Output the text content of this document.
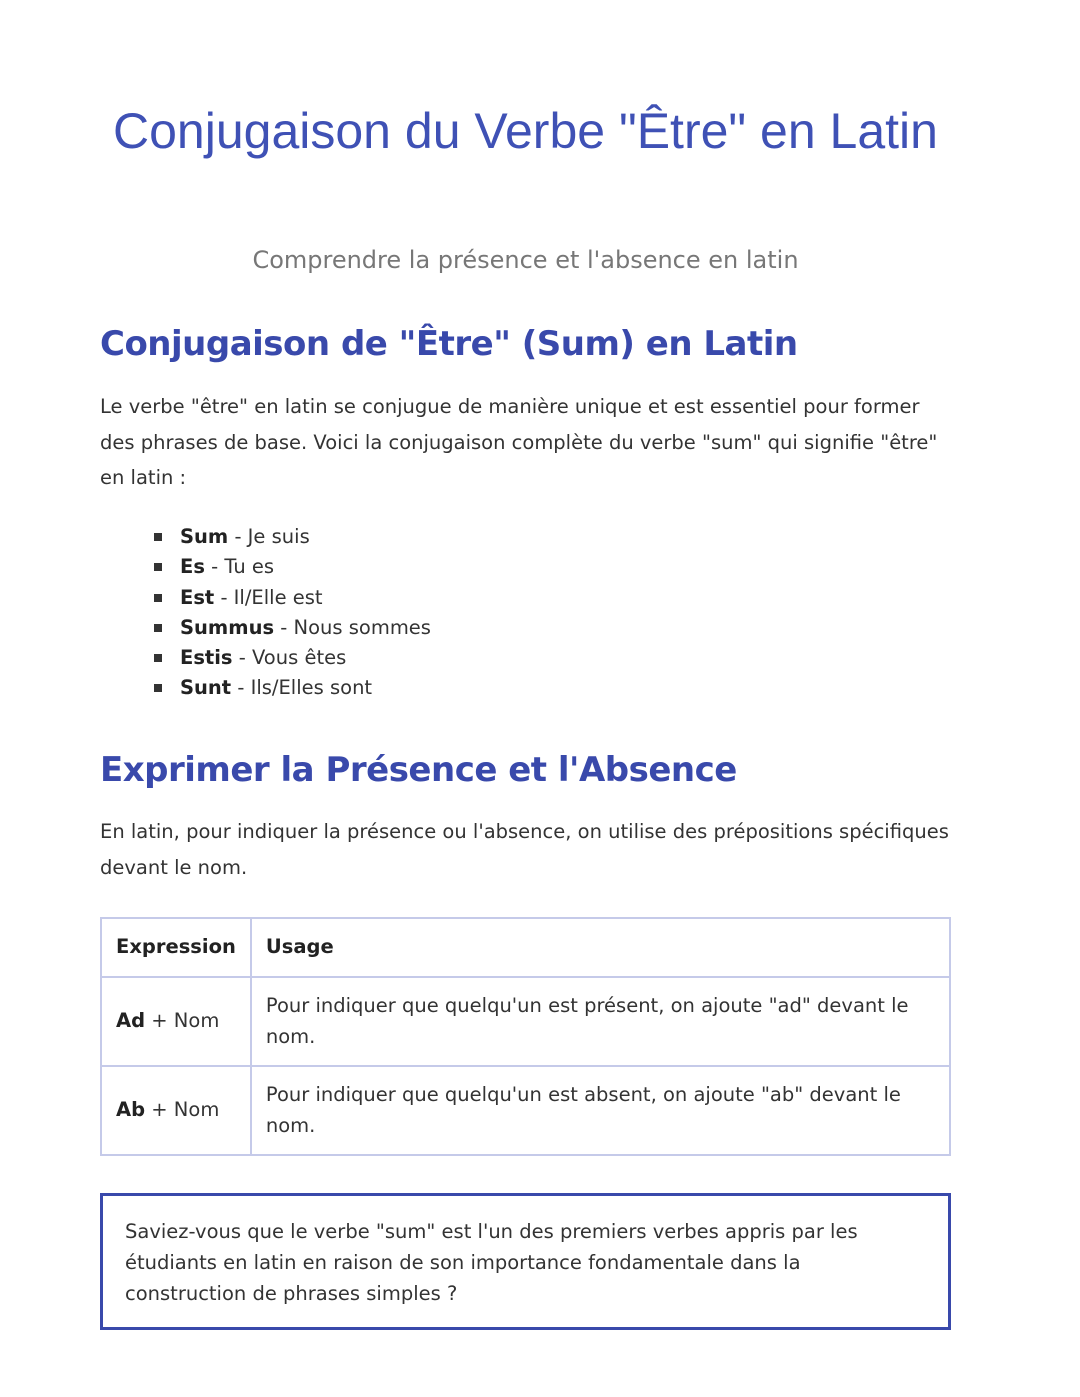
Conjugaison du Verbe "Être" en Latin
Comprendre la présence et l'absence en latin
Conjugaison de "Être" (Sum) en Latin

Le verbe "être" en latin se conjugue de manière unique et est essentiel pour former des phrases de base. Voici la conjugaison complète du verbe "sum" qui signifie "être" en latin :

Sum - Je suis
Es - Tu es
Est - Il/Elle est
Summus - Nous sommes
Estis - Vous êtes
Sunt - Ils/Elles sont
Exprimer la Présence et l'Absence

En latin, pour indiquer la présence ou l'absence, on utilise des prépositions spécifiques devant le nom.

Expression	Usage
Ad + Nom	Pour indiquer que quelqu'un est présent, on ajoute "ad" devant le nom.
Ab + Nom	Pour indiquer que quelqu'un est absent, on ajoute "ab" devant le nom.

Saviez-vous que le verbe "sum" est l'un des premiers verbes appris par les étudiants en latin en raison de son importance fondamentale dans la construction de phrases simples ?
